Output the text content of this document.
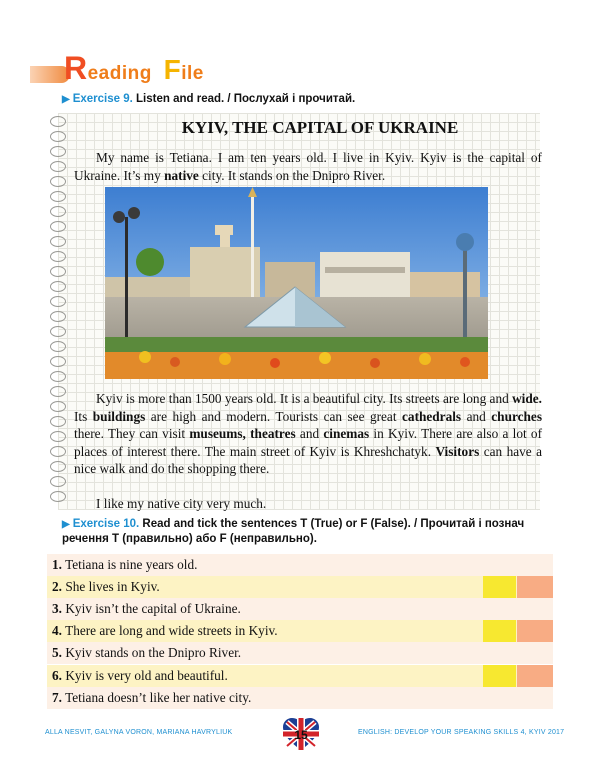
Reading File
▶ Exercise 9. Listen and read. / Послухай і прочитай.
KYIV, THE CAPITAL OF UKRAINE
My name is Tetiana. I am ten years old. I live in Kyiv. Kyiv is the capital of Ukraine. It’s my native city. It stands on the Dnipro River.
Kyiv is more than 1500 years old. It is a beautiful city. Its streets are long and wide. Its buildings are high and modern. Tourists can see great cathedrals and churches there. They can visit museums, theatres and cinemas in Kyiv. There are also a lot of places of interest there. The main street of Kyiv is Khreshchatyk. Visitors can have a nice walk and do the shopping there.
I like my native city very much.
▶ Exercise 10. Read and tick the sentences T (True) or F (False). / Прочитай і познач речення T (правильно) або F (неправильно).
1. Tetiana is nine years old.
2. She lives in Kyiv.
3. Kyiv isn’t the capital of Ukraine.
4. There are long and wide streets in Kyiv.
5. Kyiv stands on the Dnipro River.
6. Kyiv is very old and beautiful.
7. Tetiana doesn’t like her native city.
ALLA NESVIT, GALYNA VORON, MARIANA HAVRYLIUK	15	ENGLISH: DEVELOP YOUR SPEAKING SKILLS 4, KYIV 2017
